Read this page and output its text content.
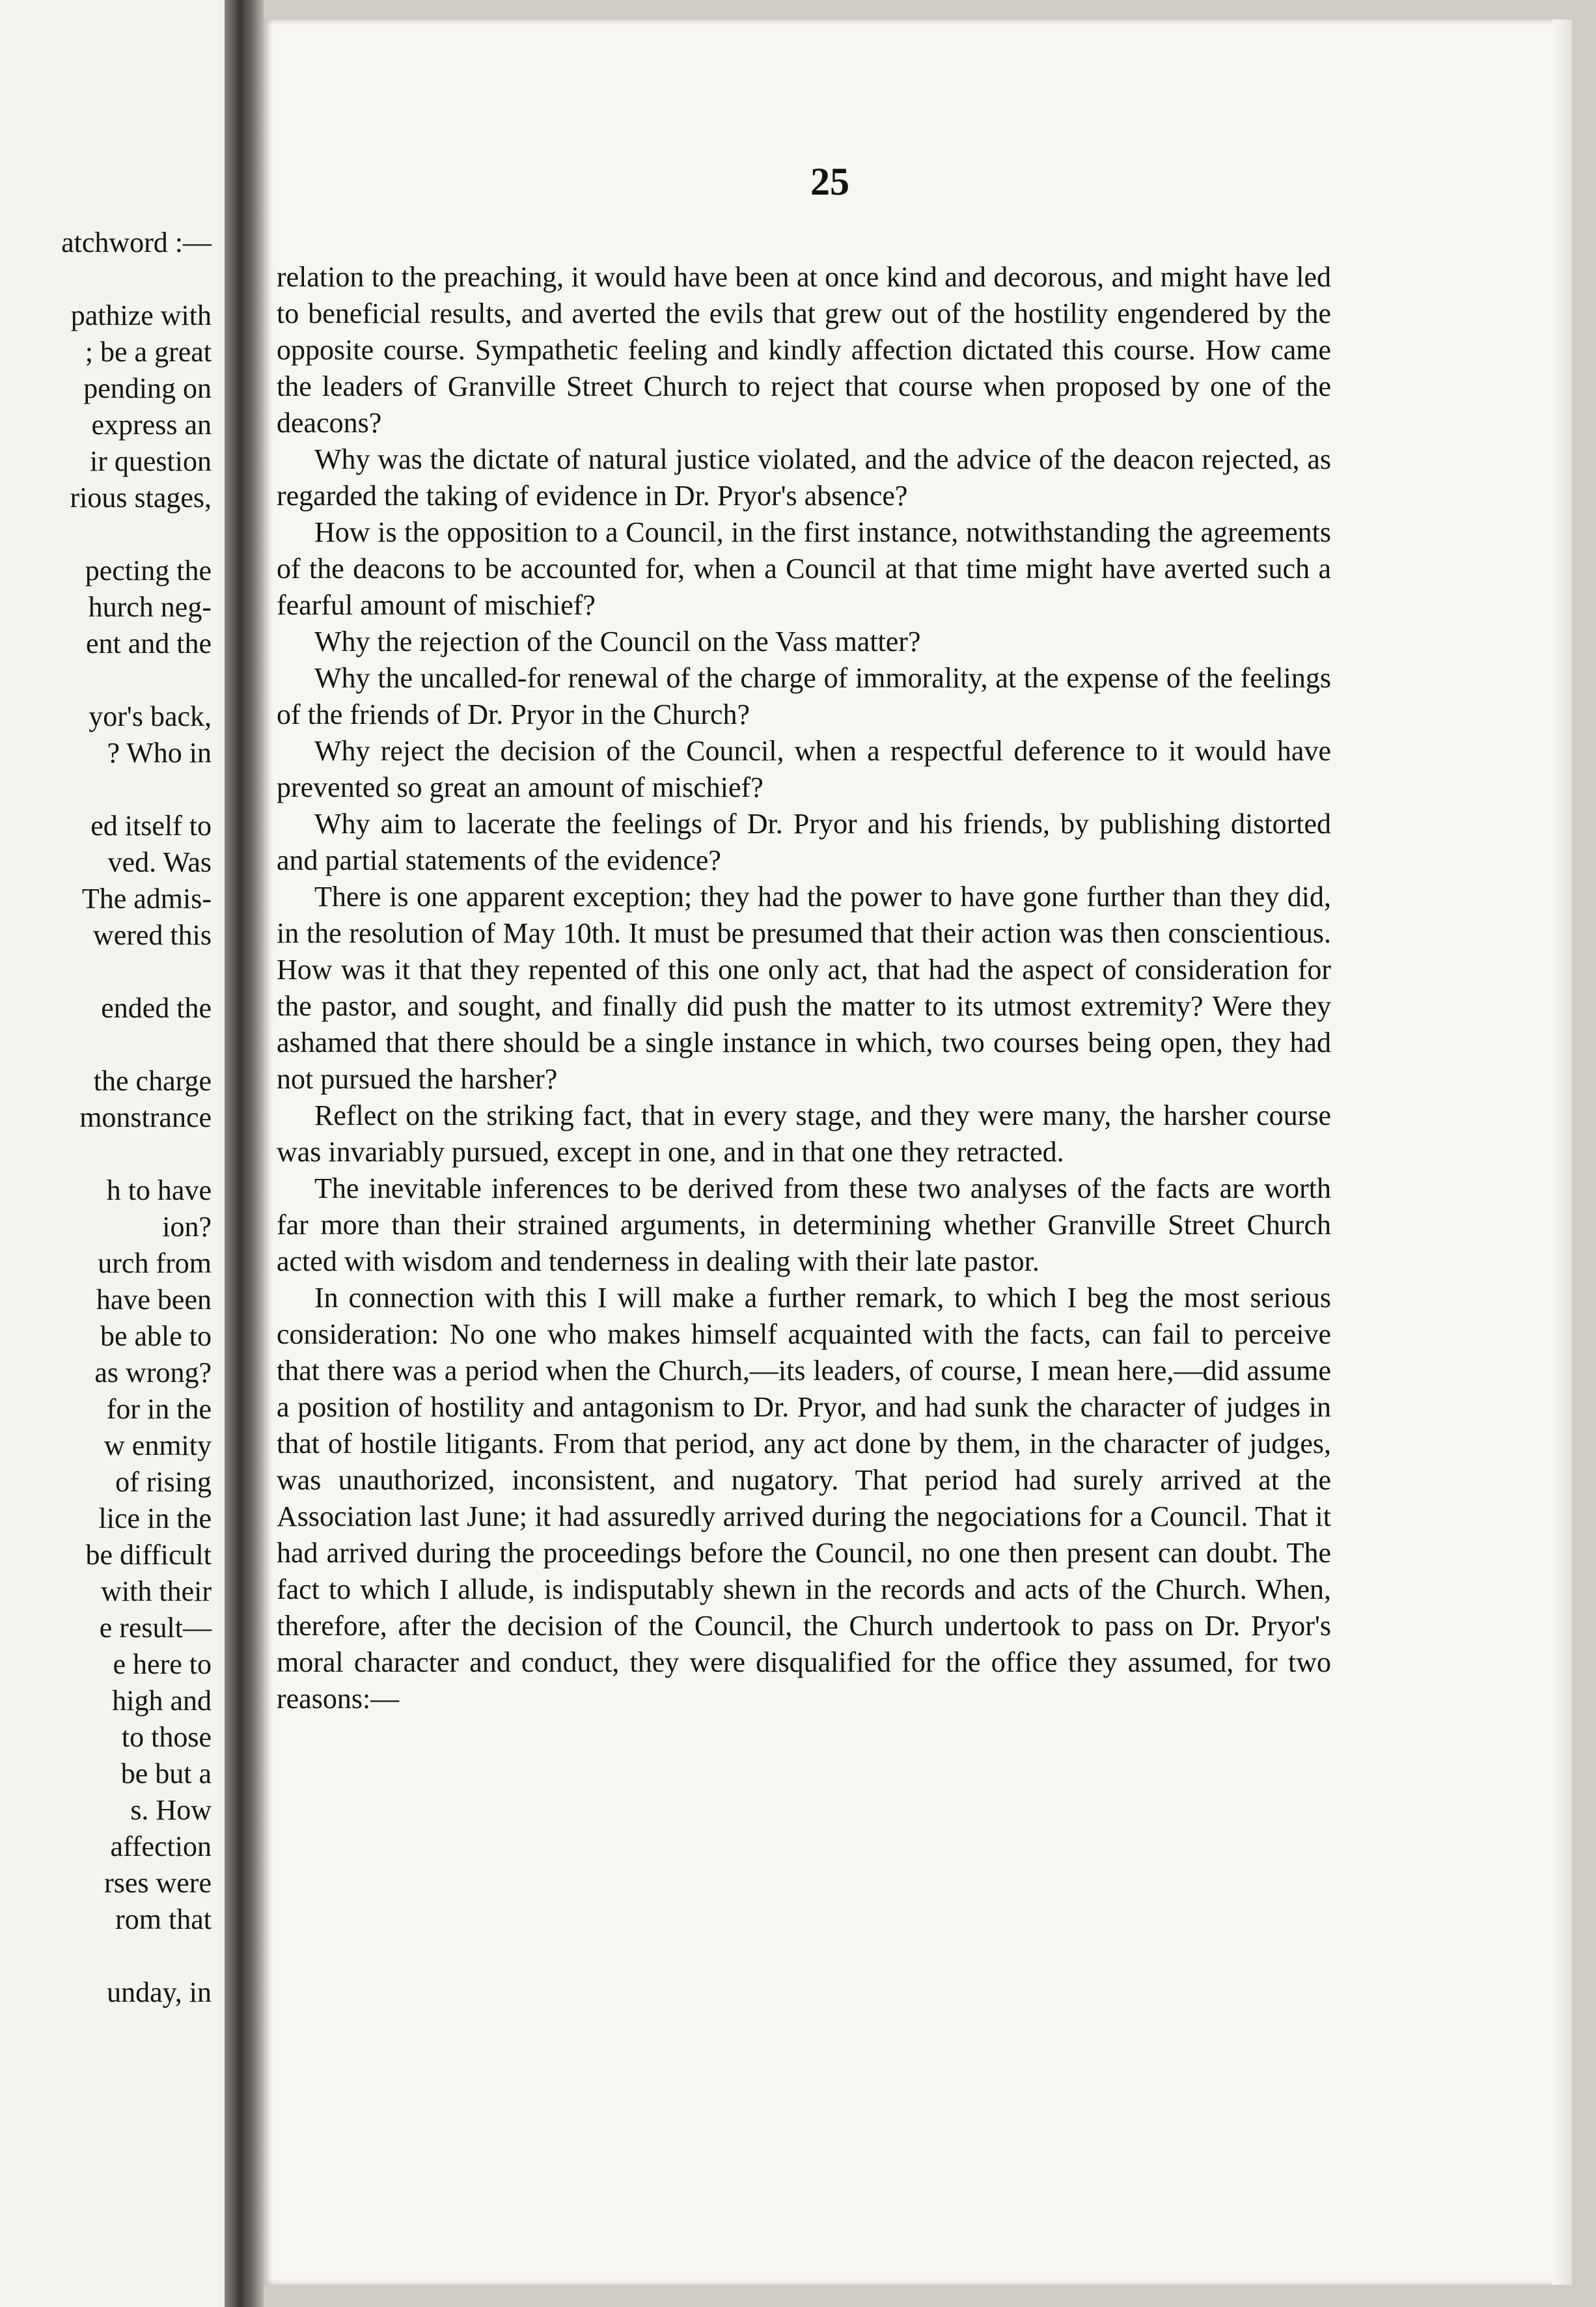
atchword :—
pathize with
; be a great
pending on
express an
ir question
rious stages,
pecting the
hurch neg-
ent and the
yor's back,
? Who in
ed itself to
ved. Was
The admis-
wered this
ended the
the charge
monstrance
h to have
ion?
urch from
have been
be able to
as wrong?
for in the
w enmity
of rising
lice in the
be difficult
with their
e result—
e here to
high and
to those
be but a
s. How
affection
rses were
rom that
unday, in
25

relation to the preaching, it would have been at once kind and decorous, and might have led to beneficial results, and averted the evils that grew out of the hostility engendered by the opposite course. Sympathetic feeling and kindly affection dictated this course. How came the leaders of Granville Street Church to reject that course when proposed by one of the deacons?

Why was the dictate of natural justice violated, and the advice of the deacon rejected, as regarded the taking of evidence in Dr. Pryor's absence?

How is the opposition to a Council, in the first instance, notwithstanding the agreements of the deacons to be accounted for, when a Council at that time might have averted such a fearful amount of mischief?

Why the rejection of the Council on the Vass matter?

Why the uncalled-for renewal of the charge of immorality, at the expense of the feelings of the friends of Dr. Pryor in the Church?

Why reject the decision of the Council, when a respectful deference to it would have prevented so great an amount of mischief?

Why aim to lacerate the feelings of Dr. Pryor and his friends, by publishing distorted and partial statements of the evidence?

There is one apparent exception; they had the power to have gone further than they did, in the resolution of May 10th. It must be presumed that their action was then conscientious. How was it that they repented of this one only act, that had the aspect of consideration for the pastor, and sought, and finally did push the matter to its utmost extremity? Were they ashamed that there should be a single instance in which, two courses being open, they had not pursued the harsher?

Reflect on the striking fact, that in every stage, and they were many, the harsher course was invariably pursued, except in one, and in that one they retracted.

The inevitable inferences to be derived from these two analyses of the facts are worth far more than their strained arguments, in determining whether Granville Street Church acted with wisdom and tenderness in dealing with their late pastor.

In connection with this I will make a further remark, to which I beg the most serious consideration: No one who makes himself acquainted with the facts, can fail to perceive that there was a period when the Church,—its leaders, of course, I mean here,—did assume a position of hostility and antagonism to Dr. Pryor, and had sunk the character of judges in that of hostile litigants. From that period, any act done by them, in the character of judges, was unauthorized, inconsistent, and nugatory. That period had surely arrived at the Association last June; it had assuredly arrived during the negociations for a Council. That it had arrived during the proceedings before the Council, no one then present can doubt. The fact to which I allude, is indisputably shewn in the records and acts of the Church. When, therefore, after the decision of the Council, the Church undertook to pass on Dr. Pryor's moral character and conduct, they were disqualified for the office they assumed, for two reasons:—
